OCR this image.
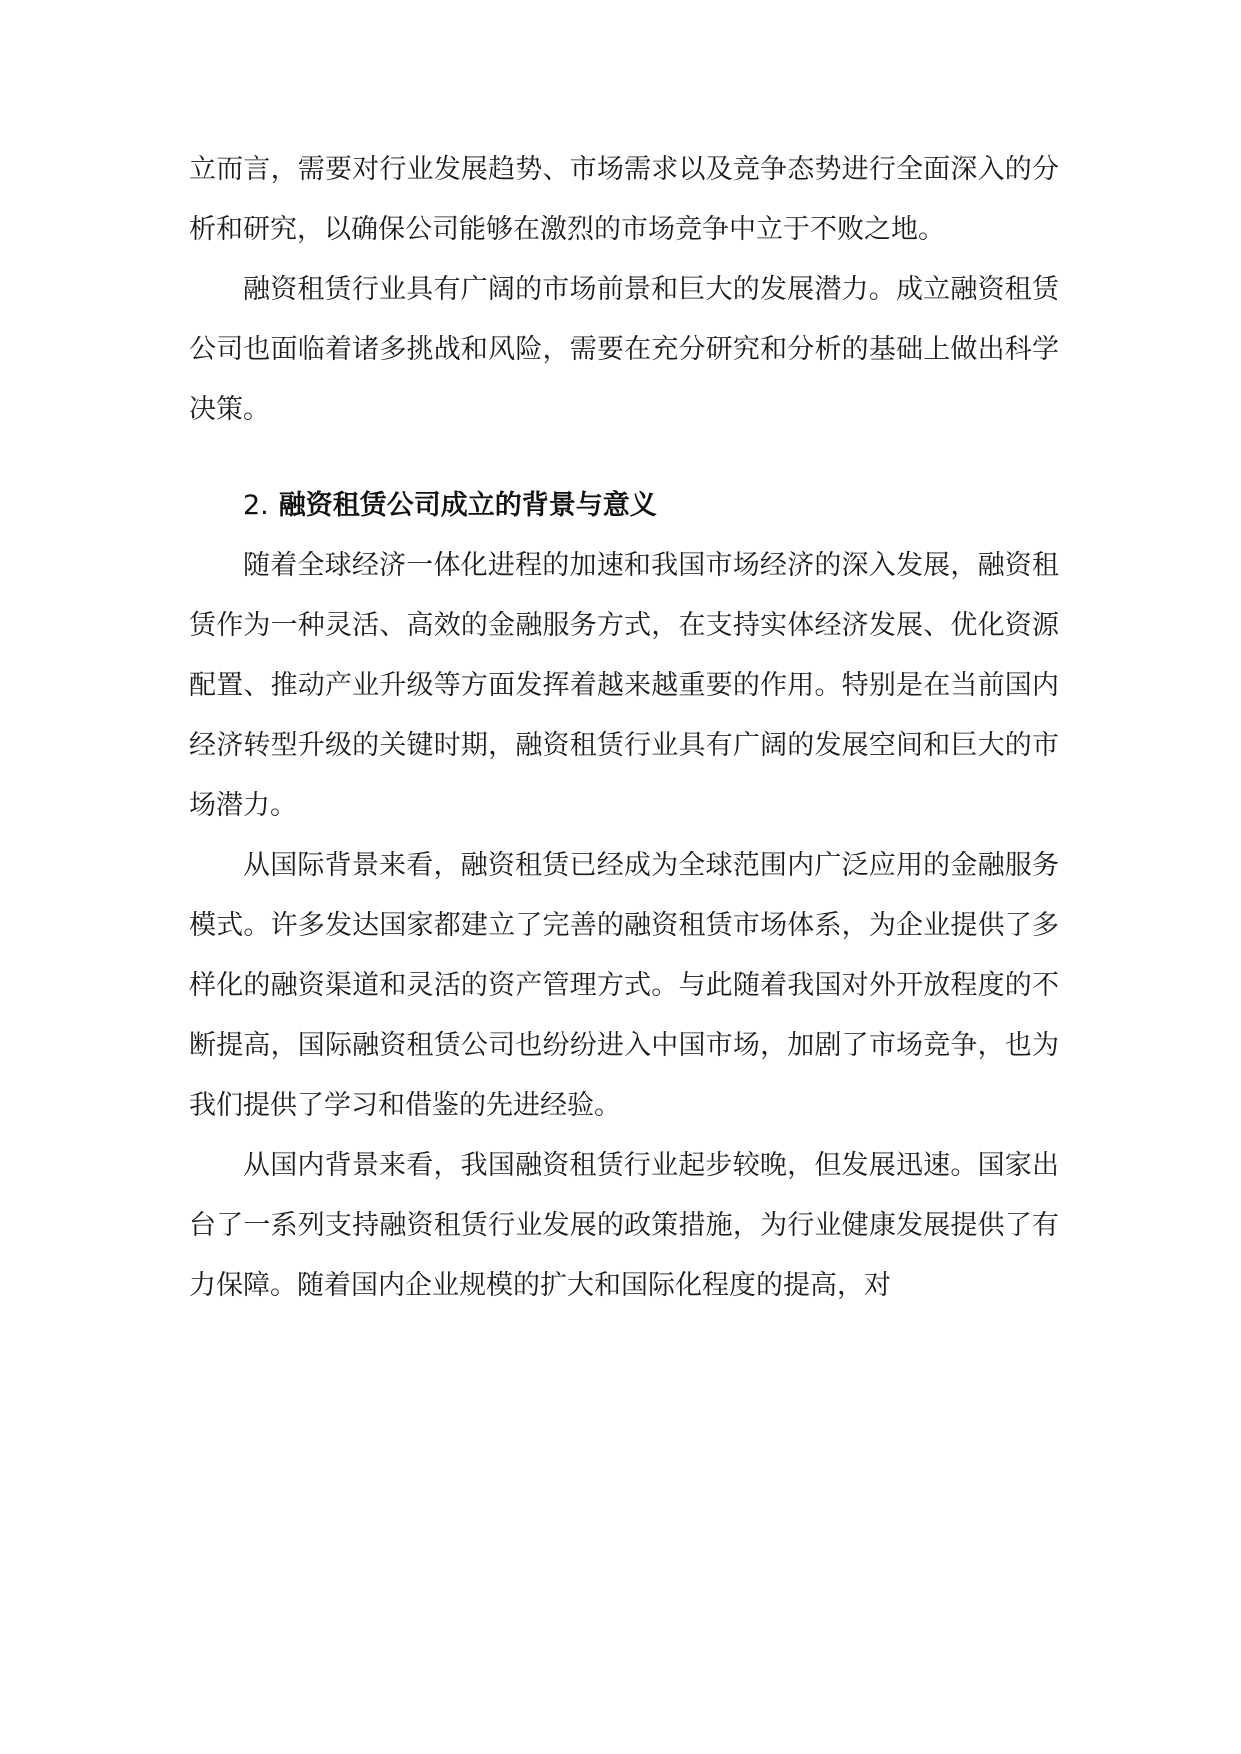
立而言，需要对行业发展趋势、市场需求以及竞争态势进行全面深入的分析和研究，以确保公司能够在激烈的市场竞争中立于不败之地。

融资租赁行业具有广阔的市场前景和巨大的发展潜力。成立融资租赁公司也面临着诸多挑战和风险，需要在充分研究和分析的基础上做出科学决策。

2. 融资租赁公司成立的背景与意义

随着全球经济一体化进程的加速和我国市场经济的深入发展，融资租赁作为一种灵活、高效的金融服务方式，在支持实体经济发展、优化资源配置、推动产业升级等方面发挥着越来越重要的作用。特别是在当前国内经济转型升级的关键时期，融资租赁行业具有广阔的发展空间和巨大的市场潜力。

从国际背景来看，融资租赁已经成为全球范围内广泛应用的金融服务模式。许多发达国家都建立了完善的融资租赁市场体系，为企业提供了多样化的融资渠道和灵活的资产管理方式。与此随着我国对外开放程度的不断提高，国际融资租赁公司也纷纷进入中国市场，加剧了市场竞争，也为我们提供了学习和借鉴的先进经验。

从国内背景来看，我国融资租赁行业起步较晚，但发展迅速。国家出台了一系列支持融资租赁行业发展的政策措施，为行业健康发展提供了有力保障。随着国内企业规模的扩大和国际化程度的提高，对
